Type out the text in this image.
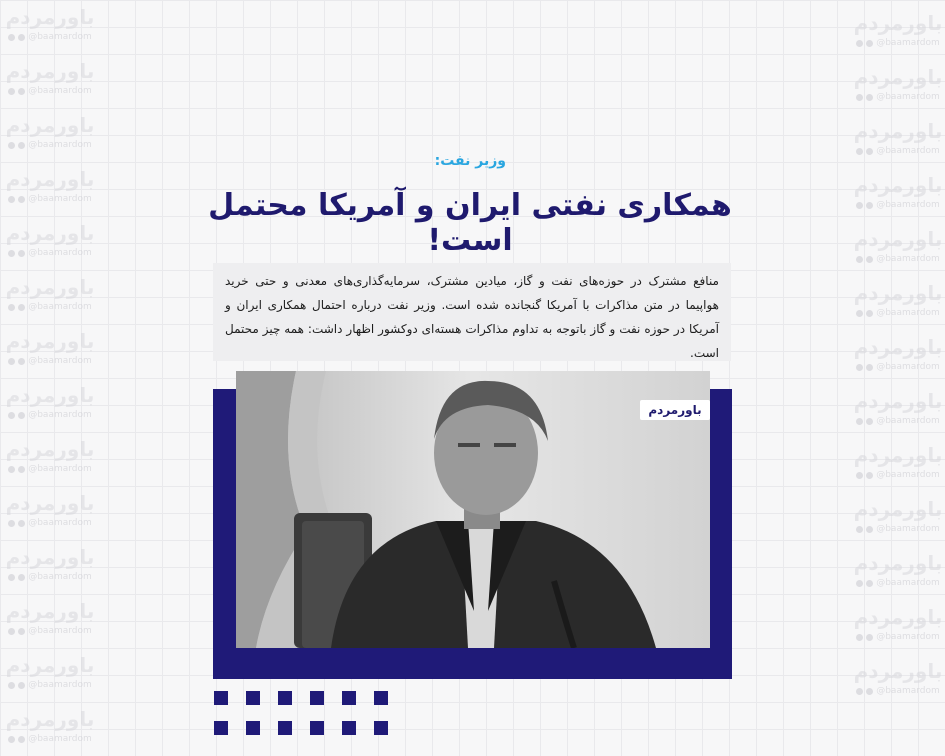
باورمردم
@baamardom
باورمردم
@baamardom
باورمردم
@baamardom
باورمردم
@baamardom
باورمردم
@baamardom
باورمردم
@baamardom
باورمردم
@baamardom
باورمردم
@baamardom
باورمردم
@baamardom
باورمردم
@baamardom
باورمردم
@baamardom
باورمردم
@baamardom
باورمردم
@baamardom
باورمردم
@baamardom
باورمردم
@baamardom
باورمردم
@baamardom
باورمردم
@baamardom
باورمردم
@baamardom
باورمردم
@baamardom
باورمردم
@baamardom
باورمردم
@baamardom
باورمردم
@baamardom
باورمردم
@baamardom
باورمردم
@baamardom
باورمردم
@baamardom
باورمردم
@baamardom
باورمردم
@baamardom
وزیر نفت:
همکاری نفتی ایران و آمریکا محتمل است!
منافع مشترک در حوزه‌های نفت و گاز، میادین مشترک، سرمایه‌گذاری‌های معدنی و حتی خرید هواپیما در متن مذاکرات با آمریکا گنجانده شده است. وزیر نفت درباره احتمال همکاری ایران و آمریکا در حوزه نفت و گاز باتوجه به تداوم مذاکرات هسته‌ای دوکشور اظهار داشت: همه چیز محتمل است.
باورمردم
